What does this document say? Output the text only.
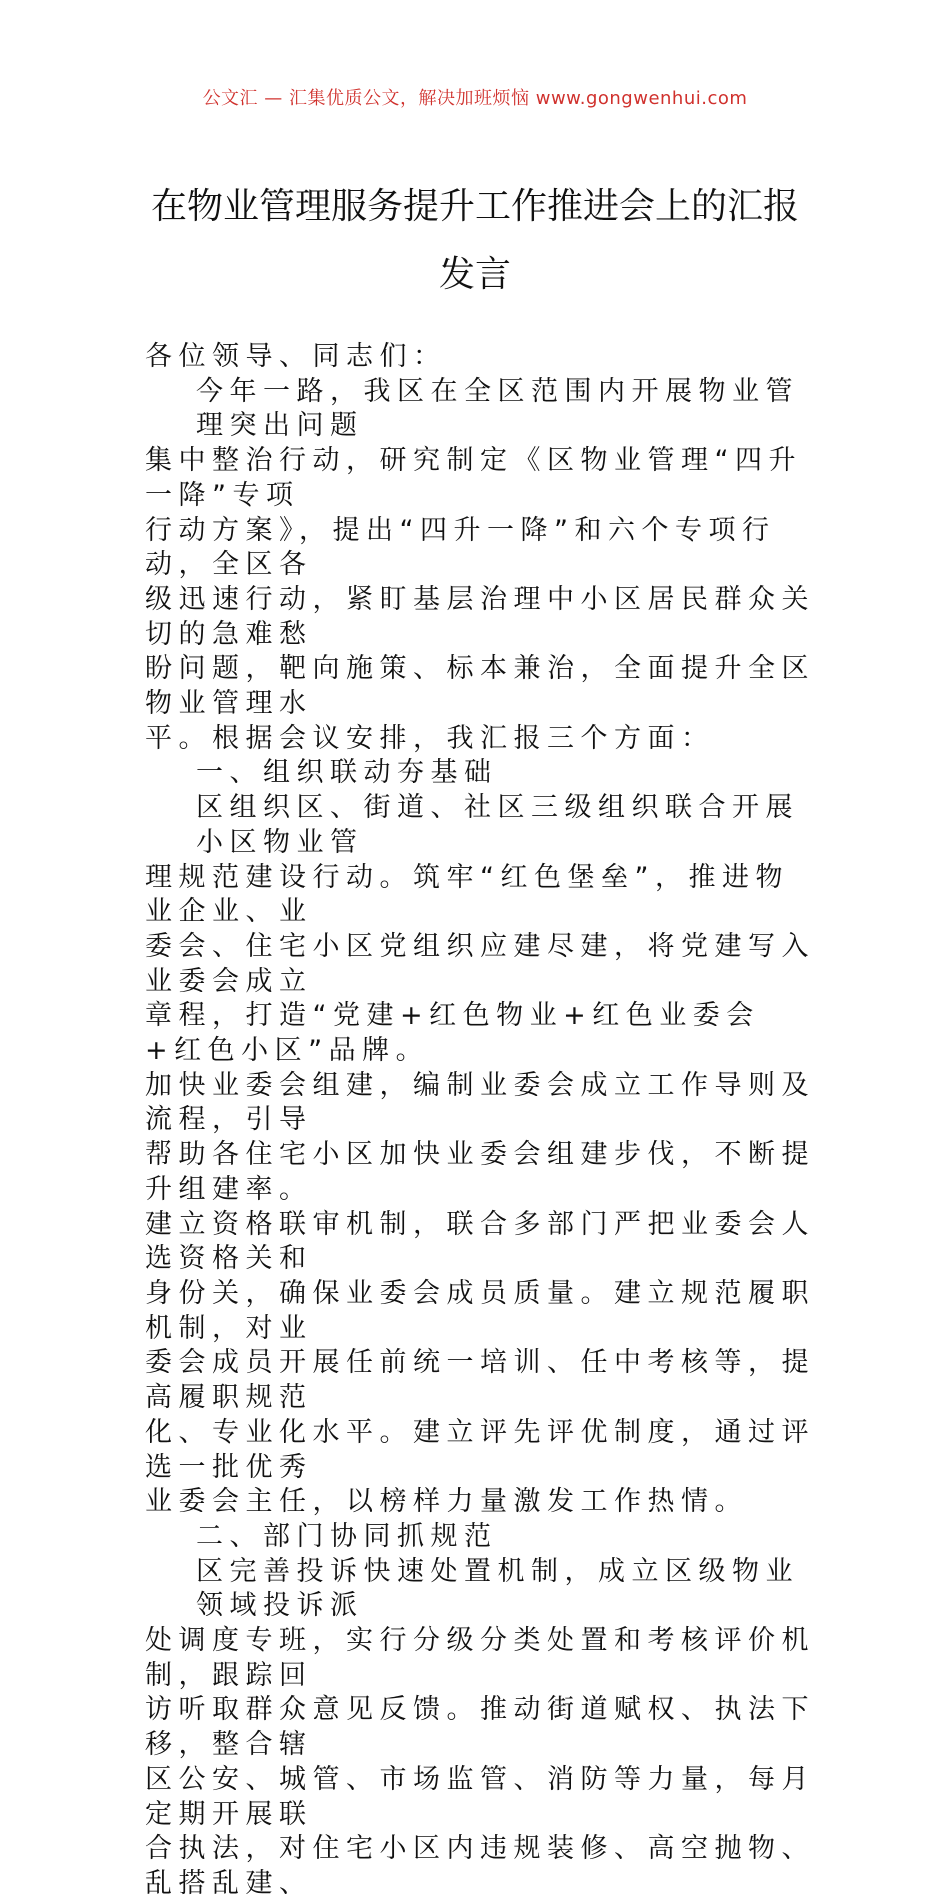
公文汇 — 汇集优质公文，解决加班烦恼 www.gongwenhui.com
在物业管理服务提升工作推进会上的汇报
发言
各位领导、同志们：
今年一路，我区在全区范围内开展物业管理突出问题
集中整治行动，研究制定《区物业管理“四升一降”专项
行动方案》，提出“四升一降”和六个专项行动，全区各
级迅速行动，紧盯基层治理中小区居民群众关切的急难愁
盼问题，靶向施策、标本兼治，全面提升全区物业管理水
平。根据会议安排，我汇报三个方面：
一、组织联动夯基础
区组织区、街道、社区三级组织联合开展小区物业管
理规范建设行动。筑牢“红色堡垒”，推进物业企业、业
委会、住宅小区党组织应建尽建，将党建写入业委会成立
章程，打造“党建+红色物业+红色业委会+红色小区”品牌。
加快业委会组建，编制业委会成立工作导则及流程，引导
帮助各住宅小区加快业委会组建步伐，不断提升组建率。
建立资格联审机制，联合多部门严把业委会人选资格关和
身份关，确保业委会成员质量。建立规范履职机制，对业
委会成员开展任前统一培训、任中考核等，提高履职规范
化、专业化水平。建立评先评优制度，通过评选一批优秀
业委会主任，以榜样力量激发工作热情。
二、部门协同抓规范
区完善投诉快速处置机制，成立区级物业领域投诉派
处调度专班，实行分级分类处置和考核评价机制，跟踪回
访听取群众意见反馈。推动街道赋权、执法下移，整合辖
区公安、城管、市场监管、消防等力量，每月定期开展联
合执法，对住宅小区内违规装修、高空抛物、乱搭乱建、
